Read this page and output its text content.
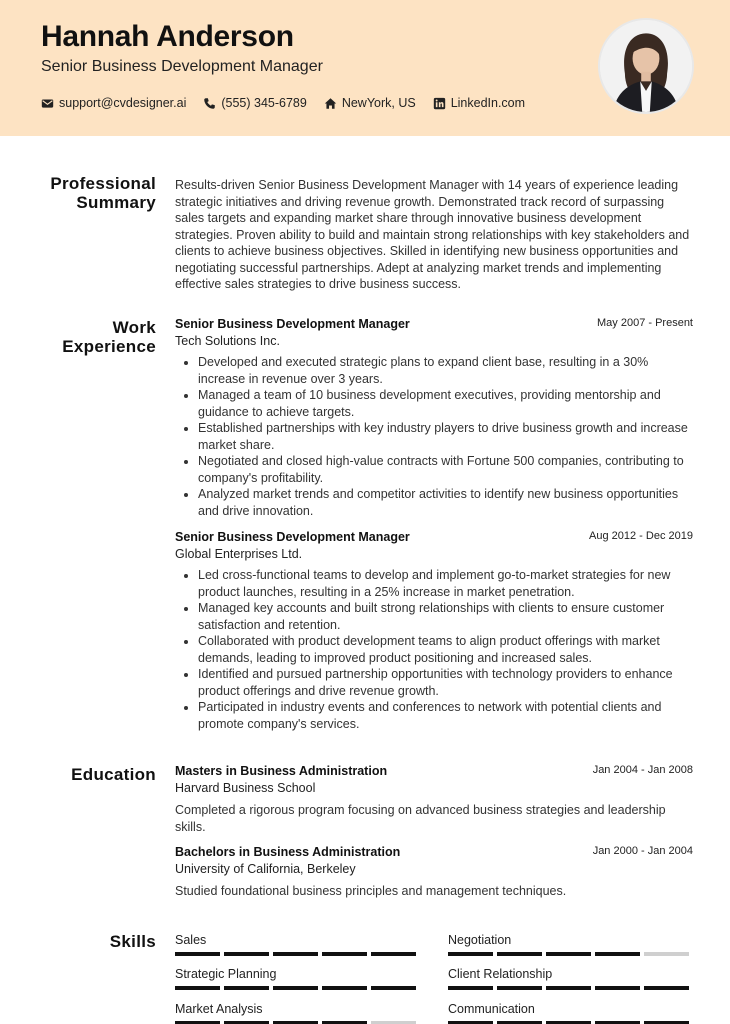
Hannah Anderson
Senior Business Development Manager
support@cvdesigner.ai	(555) 345-6789	NewYork, US	LinkedIn.com
Professional
Summary

Results-driven Senior Business Development Manager with 14 years of experience leading strategic initiatives and driving revenue growth. Demonstrated track record of surpassing sales targets and expanding market share through innovative business development strategies. Proven ability to build and maintain strong relationships with key stakeholders and clients to achieve business objectives. Skilled in identifying new business opportunities and negotiating successful partnerships. Adept at analyzing market trends and implementing effective sales strategies to drive business success.

Work
Experience
Senior Business Development Manager	May 2007 - Present
Tech Solutions Inc.
Developed and executed strategic plans to expand client base, resulting in a 30% increase in revenue over 3 years.
Managed a team of 10 business development executives, providing mentorship and guidance to achieve targets.
Established partnerships with key industry players to drive business growth and increase market share.
Negotiated and closed high-value contracts with Fortune 500 companies, contributing to company's profitability.
Analyzed market trends and competitor activities to identify new business opportunities and drive innovation.
Senior Business Development Manager	Aug 2012 - Dec 2019
Global Enterprises Ltd.
Led cross-functional teams to develop and implement go-to-market strategies for new product launches, resulting in a 25% increase in market penetration.
Managed key accounts and built strong relationships with clients to ensure customer satisfaction and retention.
Collaborated with product development teams to align product offerings with market demands, leading to improved product positioning and increased sales.
Identified and pursued partnership opportunities with technology providers to enhance product offerings and drive revenue growth.
Participated in industry events and conferences to network with potential clients and promote company's services.
Education Masters in Business Administration	Jan 2004 - Jan 2008
Harvard Business School

Completed a rigorous program focusing on advanced business strategies and leadership skills.

Bachelors in Business Administration	Jan 2000 - Jan 2004
University of California, Berkeley

Studied foundational business principles and management techniques.

Skills Sales	Negotiation
Strategic Planning	Client Relationship
Market Analysis	Communication
